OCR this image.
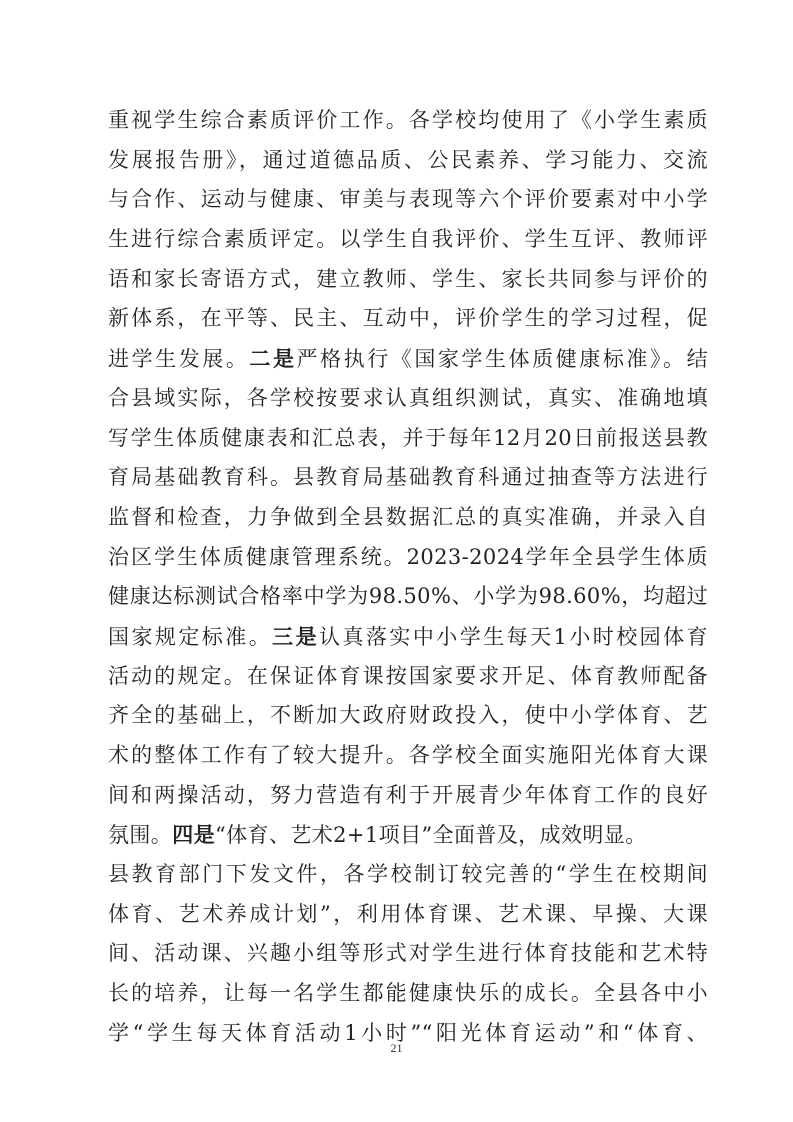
重视学生综合素质评价工作。各学校均使用了《小学生素质
发展报告册》，通过道德品质、公民素养、学习能力、交流
与合作、运动与健康、审美与表现等六个评价要素对中小学
生进行综合素质评定。以学生自我评价、学生互评、教师评
语和家长寄语方式，建立教师、学生、家长共同参与评价的
新体系，在平等、民主、互动中，评价学生的学习过程，促
进学生发展。二是严格执行《国家学生体质健康标准》。结
合县域实际，各学校按要求认真组织测试，真实、准确地填
写学生体质健康表和汇总表，并于每年12月20日前报送县教
育局基础教育科。县教育局基础教育科通过抽查等方法进行
监督和检查，力争做到全县数据汇总的真实准确，并录入自
治区学生体质健康管理系统。2023-2024学年全县学生体质
健康达标测试合格率中学为98.50%、小学为98.60%，均超过
国家规定标准。三是认真落实中小学生每天1小时校园体育
活动的规定。在保证体育课按国家要求开足、体育教师配备
齐全的基础上，不断加大政府财政投入，使中小学体育、艺
术的整体工作有了较大提升。各学校全面实施阳光体育大课
间和两操活动，努力营造有利于开展青少年体育工作的良好
氛围。四是“体育、艺术2+1项目”全面普及，成效明显。
县教育部门下发文件，各学校制订较完善的“学生在校期间
体育、艺术养成计划”，利用体育课、艺术课、早操、大课
间、活动课、兴趣小组等形式对学生进行体育技能和艺术特
长的培养，让每一名学生都能健康快乐的成长。全县各中小
学“学生每天体育活动1小时”“阳光体育运动”和“体育、
21
